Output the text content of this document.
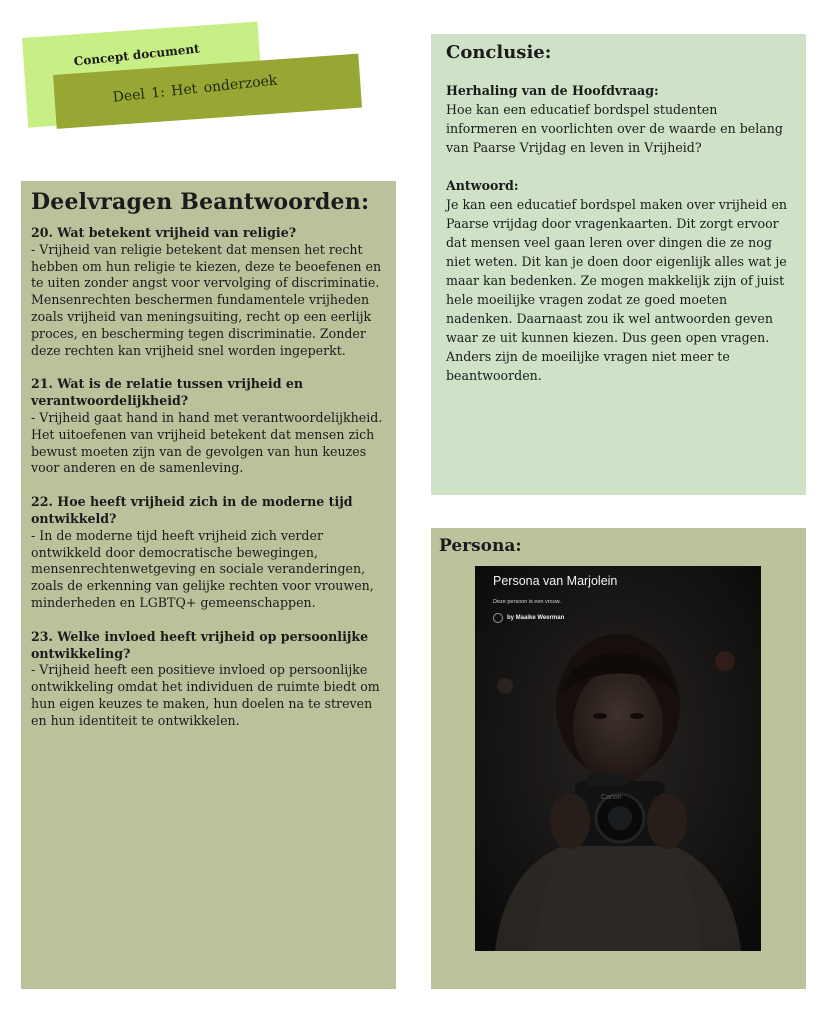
Concept document
Deel 1: Het onderzoek
Deelvragen Beantwoorden:
20. Wat betekent vrijheid van religie?
- Vrijheid van religie betekent dat mensen het recht hebben om hun religie te kiezen, deze te beoefenen en te uiten zonder angst voor vervolging of discriminatie. Mensenrechten beschermen fundamentele vrijheden zoals vrijheid van meningsuiting, recht op een eerlijk proces, en bescherming tegen discriminatie. Zonder deze rechten kan vrijheid snel worden ingeperkt.
21. Wat is de relatie tussen vrijheid en verantwoordelijkheid?
- Vrijheid gaat hand in hand met verantwoordelijkheid. Het uitoefenen van vrijheid betekent dat mensen zich bewust moeten zijn van de gevolgen van hun keuzes voor anderen en de samenleving.
22. Hoe heeft vrijheid zich in de moderne tijd ontwikkeld?
- In de moderne tijd heeft vrijheid zich verder ontwikkeld door democratische bewegingen, mensenrechtenwetgeving en sociale veranderingen, zoals de erkenning van gelijke rechten voor vrouwen, minderheden en LGBTQ+ gemeenschappen.
23. Welke invloed heeft vrijheid op persoonlijke ontwikkeling?
- Vrijheid heeft een positieve invloed op persoonlijke ontwikkeling omdat het individuen de ruimte biedt om hun eigen keuzes te maken, hun doelen na te streven en hun identiteit te ontwikkelen.
Conclusie:
Herhaling van de Hoofdvraag:
Hoe kan een educatief bordspel studenten informeren en voorlichten over de waarde en belang van Paarse Vrijdag en leven in Vrijheid?
Antwoord:
Je kan een educatief bordspel maken over vrijheid en Paarse vrijdag door vragenkaarten. Dit zorgt ervoor dat mensen veel gaan leren over dingen die ze nog niet weten. Dit kan je doen door eigenlijk alles wat je maar kan bedenken. Ze mogen makkelijk zijn of juist hele moeilijke vragen zodat ze goed moeten nadenken. Daarnaast zou ik wel antwoorden geven waar ze uit kunnen kiezen. Dus geen open vragen. Anders zijn de moeilijke vragen niet meer te beantwoorden.
Persona:
Canon
Persona van Marjolein
Deze persoon is een vrouw.
by Maaike Weerman
